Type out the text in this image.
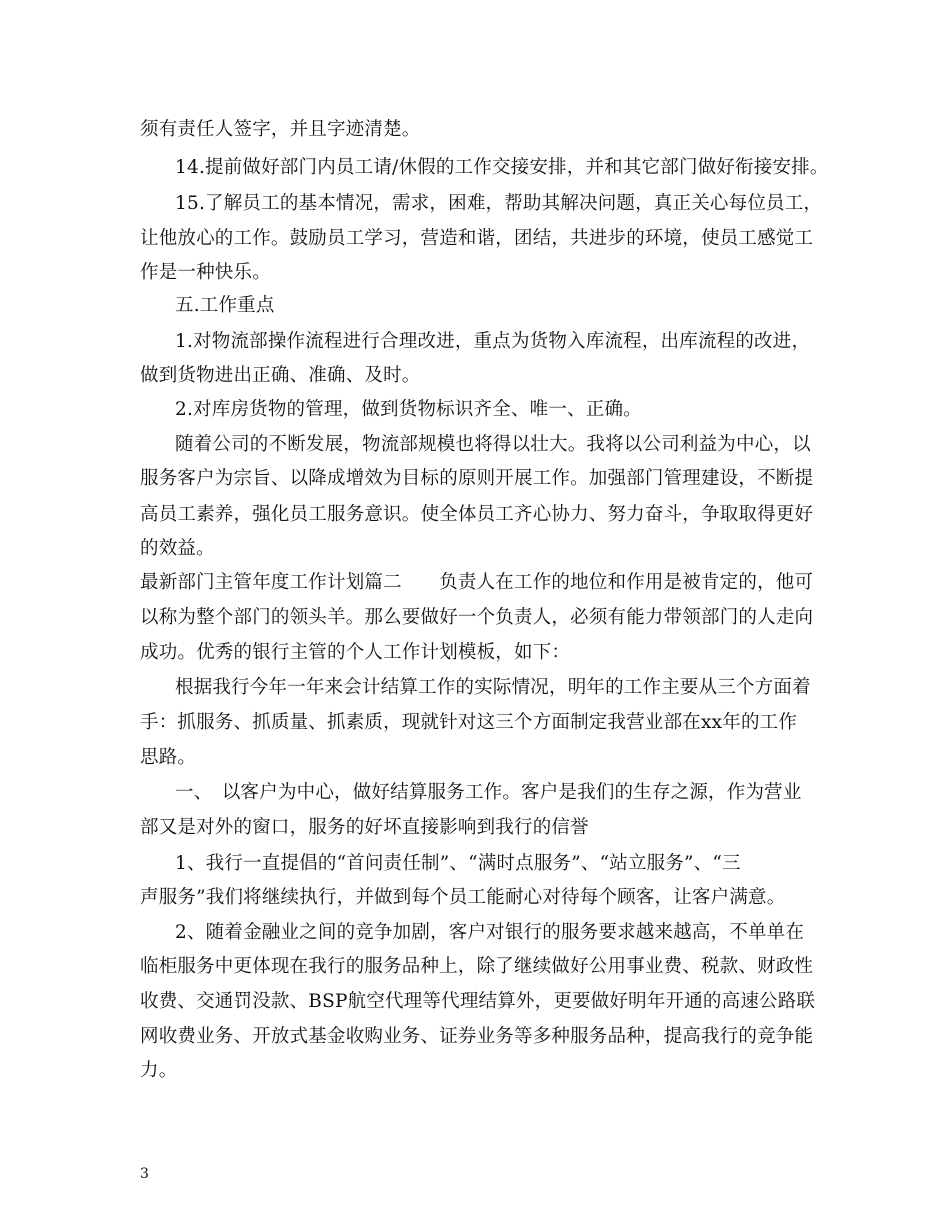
须有责任人签字，并且字迹清楚。
14.提前做好部门内员工请/休假的工作交接安排，并和其它部门做好衔接安排。
15.了解员工的基本情况，需求，困难，帮助其解决问题，真正关心每位员工，
让他放心的工作。鼓励员工学习，营造和谐，团结，共进步的环境，使员工感觉工
作是一种快乐。
五.工作重点
1.对物流部操作流程进行合理改进，重点为货物入库流程，出库流程的改进，
做到货物进出正确、准确、及时。
2.对库房货物的管理，做到货物标识齐全、唯一、正确。
随着公司的不断发展，物流部规模也将得以壮大。我将以公司利益为中心，以
服务客户为宗旨、以降成增效为目标的原则开展工作。加强部门管理建设，不断提
高员工素养，强化员工服务意识。使全体员工齐心协力、努力奋斗，争取取得更好
的效益。
最新部门主管年度工作计划篇二　　负责人在工作的地位和作用是被肯定的，他可
以称为整个部门的领头羊。那么要做好一个负责人，必须有能力带领部门的人走向
成功。优秀的银行主管的个人工作计划模板，如下：
根据我行今年一年来会计结算工作的实际情况，明年的工作主要从三个方面着
手：抓服务、抓质量、抓素质，现就针对这三个方面制定我营业部在xx年的工作
思路。
一、　以客户为中心，做好结算服务工作。客户是我们的生存之源，作为营业
部又是对外的窗口，服务的好坏直接影响到我行的信誉
1、我行一直提倡的“首问责任制”、“满时点服务”、“站立服务”、“三
声服务”我们将继续执行，并做到每个员工能耐心对待每个顾客，让客户满意。
2、随着金融业之间的竞争加剧，客户对银行的服务要求越来越高，不单单在
临柜服务中更体现在我行的服务品种上，除了继续做好公用事业费、税款、财政性
收费、交通罚没款、BSP航空代理等代理结算外，更要做好明年开通的高速公路联
网收费业务、开放式基金收购业务、证券业务等多种服务品种，提高我行的竞争能
力。
3
